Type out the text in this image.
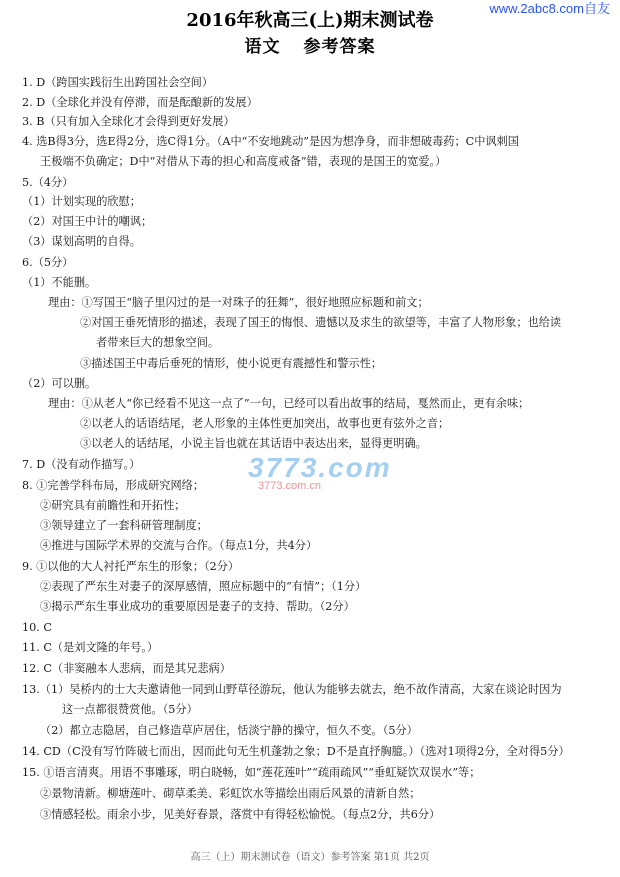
www.2abc8.com自友
2016年秋高三(上)期末测试卷
语文 参考答案
1. D（跨国实践衍生出跨国社会空间）
2. D（全球化并没有停滞，而是酝酿新的发展）
3. B（只有加入全球化才会得到更好发展）
4. 选B得3分，选E得2分，选C得1分。（A中“不安地跳动”是因为想净身，而非想破毒药；C中讽刺国
王极端不负确定；D中“对借从下毒的担心和高度戒备”错，表现的是国王的宽爱。）
5.（4分）
（1）计划实现的欣慰；
（2）对国王中计的嘲讽；
（3）谋划高明的自得。
6.（5分）
（1）不能删。
理由：①写国王“脑子里闪过的是一对珠子的狂舞”，很好地照应标题和前文；
②对国王垂死情形的描述，表现了国王的悔恨、遗憾以及求生的欲望等，丰富了人物形象；也给读
者带来巨大的想象空间。
③描述国王中毒后垂死的情形，使小说更有震撼性和警示性；
（2）可以删。
理由：①从老人“你已经看不见这一点了”一句，已经可以看出故事的结局，戛然而止，更有余味；
②以老人的话语结尾，老人形象的主体性更加突出，故事也更有弦外之音；
③以老人的话结尾，小说主旨也就在其话语中表达出来，显得更明确。
3773.com
3773.com.cn
7. D（没有动作描写。）
8. ①完善学科布局，形成研究网络；
②研究具有前瞻性和开拓性；
③领导建立了一套科研管理制度；
④推进与国际学术界的交流与合作。（每点1分，共4分）
9. ①以他的大人衬托严东生的形象；（2分）
②表现了严东生对妻子的深厚感情，照应标题中的“有情”；（1分）
③揭示严东生事业成功的重要原因是妻子的支持、帮助。（2分）
10. C
11. C（是刘文隆的年号。）
12. C（非窦融本人悲病，而是其兄悲病）
13.（1）吴桥内的士大夫邀请他一同到山野草径游玩，他认为能够去就去，绝不故作清高，大家在谈论时因为
这一点都很赞赏他。（5分）
（2）都立志隐居，自己修造草庐居住，恬淡宁静的操守，恒久不变。（5分）
14. CD（C没有写竹阵破七而出，因而此句无生机蓬勃之象；D不是直抒胸臆。）（选对1项得2分，全对得5分）
15. ①语言清爽。用语不事雕琢，明白晓畅，如“莲花莲叶”“疏雨疏风”“垂虹疑饮双误水”等；
②景物清新。柳塘莲叶、砌草柔美、彩虹饮水等描绘出雨后风景的清新自然；
③情感轻松。雨余小步，见美好春景，落赏中有得轻松愉悦。（每点2分，共6分）
高三（上）期末测试卷（语文）参考答案 第1页 共2页
